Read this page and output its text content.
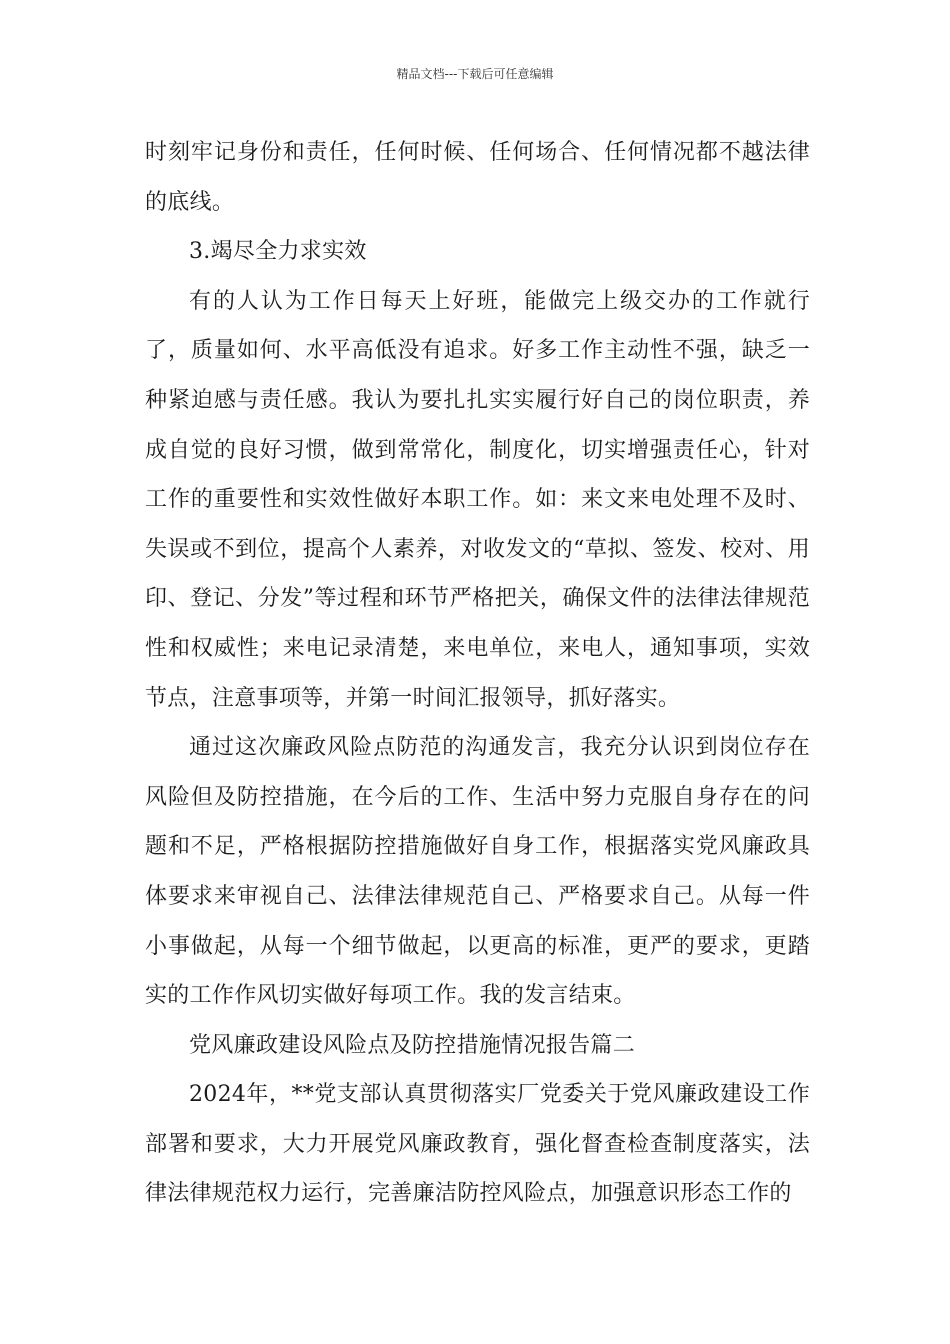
精品文档---下载后可任意编辑

时刻牢记身份和责任，任何时候、任何场合、任何情况都不越法律的底线。

3.竭尽全力求实效

有的人认为工作日每天上好班，能做完上级交办的工作就行了，质量如何、水平高低没有追求。好多工作主动性不强，缺乏一种紧迫感与责任感。我认为要扎扎实实履行好自己的岗位职责，养成自觉的良好习惯，做到常常化，制度化，切实增强责任心，针对工作的重要性和实效性做好本职工作。如：来文来电处理不及时、失误或不到位，提高个人素养，对收发文的“草拟、签发、校对、用印、登记、分发”等过程和环节严格把关，确保文件的法律法律规范性和权威性；来电记录清楚，来电单位，来电人，通知事项，实效节点，注意事项等，并第一时间汇报领导，抓好落实。

通过这次廉政风险点防范的沟通发言，我充分认识到岗位存在风险但及防控措施，在今后的工作、生活中努力克服自身存在的问题和不足，严格根据防控措施做好自身工作，根据落实党风廉政具体要求来审视自己、法律法律规范自己、严格要求自己。从每一件小事做起，从每一个细节做起，以更高的标准，更严的要求，更踏实的工作作风切实做好每项工作。我的发言结束。

党风廉政建设风险点及防控措施情况报告篇二

2024年，**党支部认真贯彻落实厂党委关于党风廉政建设工作部署和要求，大力开展党风廉政教育，强化督查检查制度落实，法律法律规范权力运行，完善廉洁防控风险点，加强意识形态工作的
